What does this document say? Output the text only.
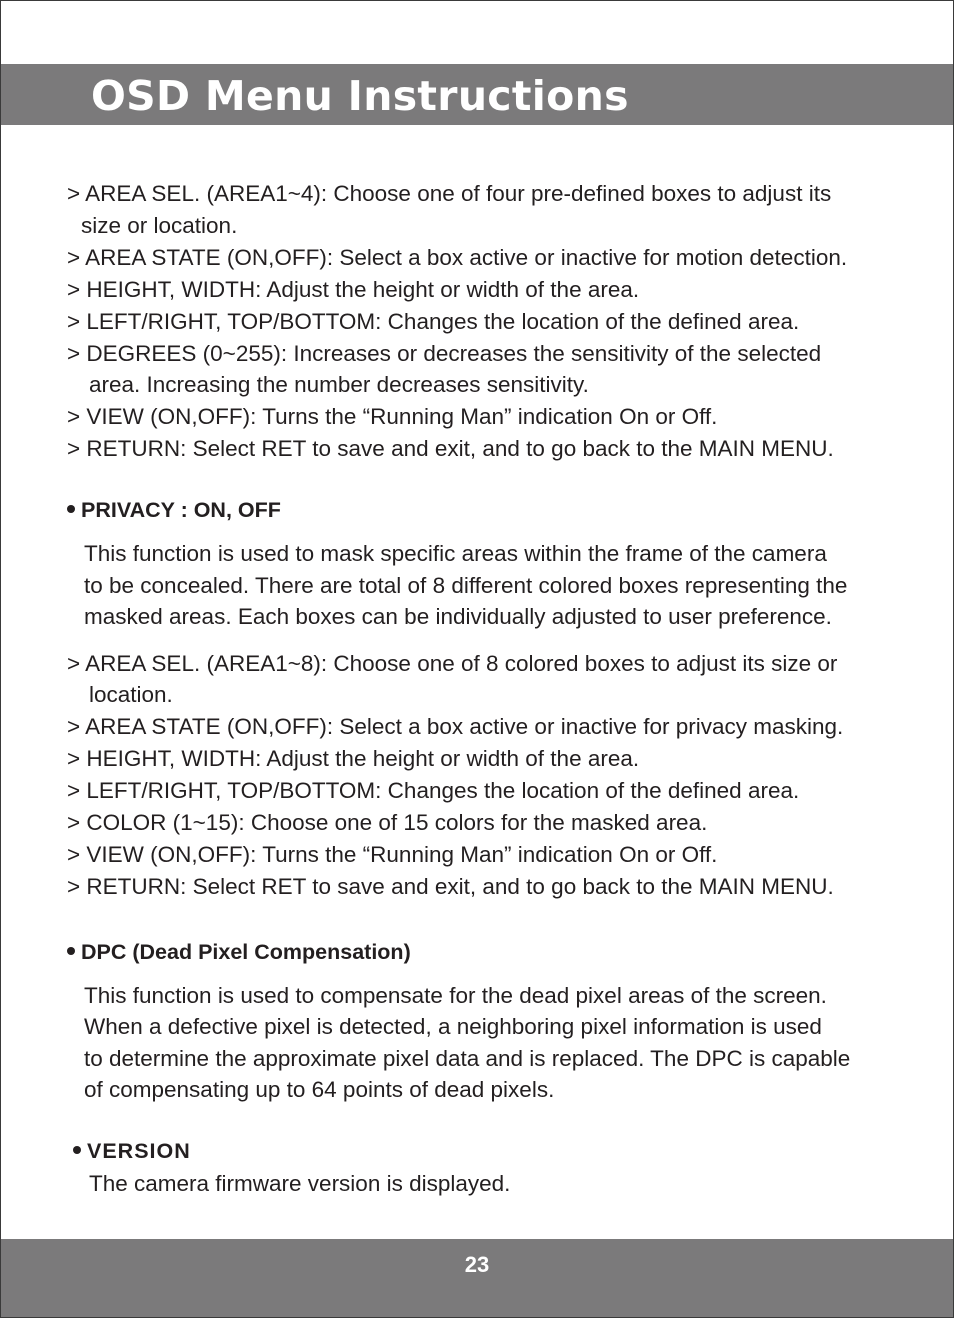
OSD Menu Instructions
> AREA SEL. (AREA1~4): Choose one of four pre-defined boxes to adjust its
size or location.
> AREA STATE (ON,OFF): Select a box active or inactive for motion detection.
> HEIGHT, WIDTH: Adjust the height or width of the area.
> LEFT/RIGHT, TOP/BOTTOM: Changes the location of the defined area.
> DEGREES (0~255): Increases or decreases the sensitivity of the selected
area. Increasing the number decreases sensitivity.
> VIEW (ON,OFF): Turns the “Running Man” indication On or Off.
> RETURN: Select RET to save and exit, and to go back to the MAIN MENU.
PRIVACY : ON, OFF
This function is used to mask specific areas within the frame of the camera
to be concealed. There are total of 8 different colored boxes representing the
masked areas. Each boxes can be individually adjusted to user preference.
> AREA SEL. (AREA1~8): Choose one of 8 colored boxes to adjust its size or
location.
> AREA STATE (ON,OFF): Select a box active or inactive for privacy masking.
> HEIGHT, WIDTH: Adjust the height or width of the area.
> LEFT/RIGHT, TOP/BOTTOM: Changes the location of the defined area.
> COLOR (1~15): Choose one of 15 colors for the masked area.
> VIEW (ON,OFF): Turns the “Running Man” indication On or Off.
> RETURN: Select RET to save and exit, and to go back to the MAIN MENU.
DPC (Dead Pixel Compensation)
This function is used to compensate for the dead pixel areas of the screen.
When a defective pixel is detected, a neighboring pixel information is used
to determine the approximate pixel data and is replaced. The DPC is capable
of compensating up to 64 points of dead pixels.
VERSION
The camera firmware version is displayed.
23
